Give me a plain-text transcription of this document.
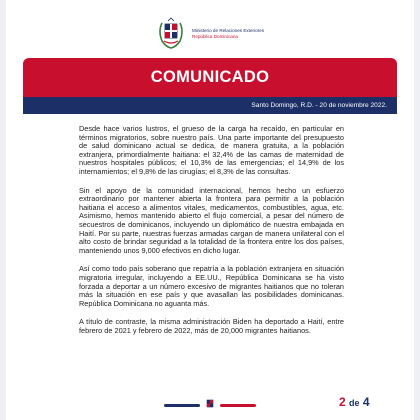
Ministerio de Relaciones Exteriores
República Dominicana
COMUNICADO
Santo Domingo, R.D. - 20 de noviembre 2022.

Desde hace varios lustros, el grueso de la carga ha recaído, en particular en términos migratorios, sobre nuestro país. Una parte importante del presupuesto de salud dominicano actual se dedica, de manera gratuita, a la población extranjera, primordialmente haitiana: el 32,4% de las camas de maternidad de nuestros hospitales públicos; el 10,3% de las emergencias; el 14,9% de los internamientos; el 9,8% de las cirugías; el 8,3% de las consultas.

Sin el apoyo de la comunidad internacional, hemos hecho un esfuerzo extraordinario por mantener abierta la frontera para permitir a la población haitiana el acceso a alimentos vitales, medicamentos, combustibles, agua, etc. Asimismo, hemos mantenido abierto el flujo comercial, a pesar del número de secuestros de dominicanos, incluyendo un diplomático de nuestra embajada en Haití. Por su parte, nuestras fuerzas armadas cargan de manera unilateral con el alto costo de brindar seguridad a la totalidad de la frontera entre los dos países, manteniendo unos 9,000 efectivos en dicho lugar.

Así como todo país soberano que repatría a la población extranjera en situación migratoria irregular, incluyendo a EE.UU., República Dominicana se ha visto forzada a deportar a un número excesivo de migrantes haitianos que no toleran más la situación en ese país y que avasallan las posibilidades dominicanas. República Dominicana no aguanta más.

A título de contraste, la misma administración Biden ha deportado a Haití, entre febrero de 2021 y febrero de 2022, más de 20,000 migrantes haitianos.

2 de 4
